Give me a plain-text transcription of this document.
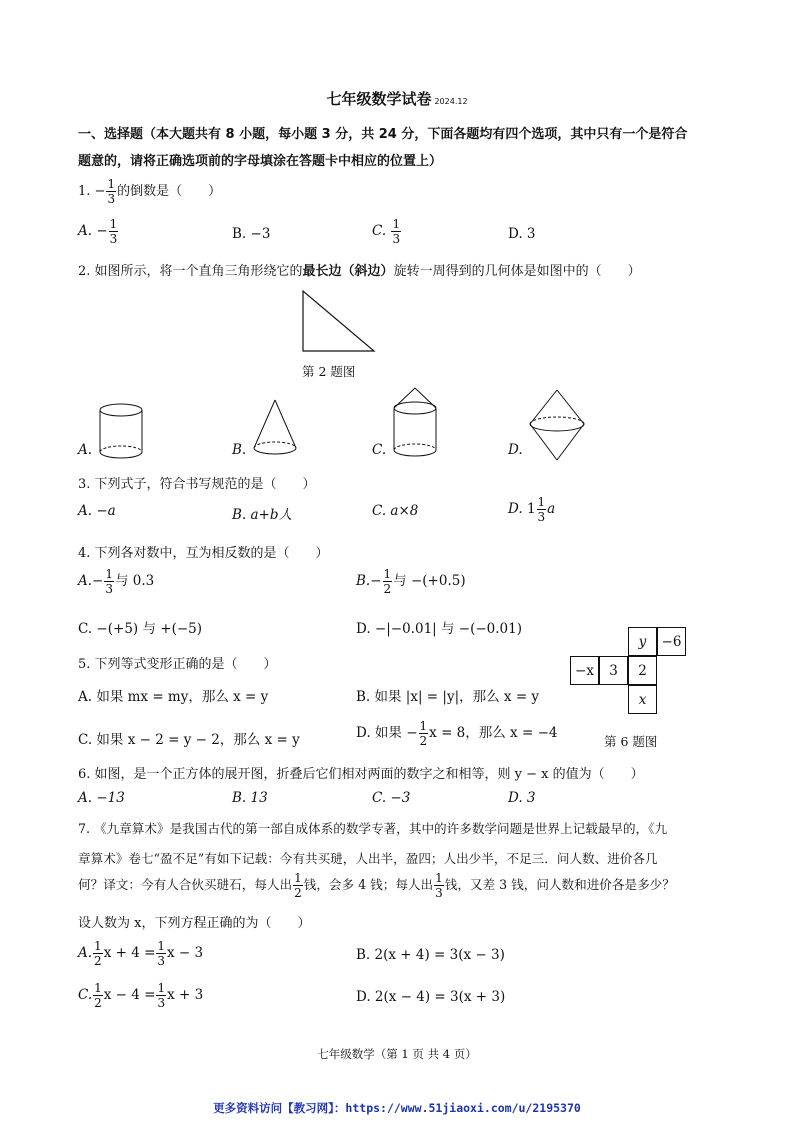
七年级数学试卷 2024.12
一、选择题（本大题共有 8 小题，每小题 3 分，共 24 分，下面各题均有四个选项，其中只有一个是符合
题意的，请将正确选项前的字母填涂在答题卡中相应的位置上）
1. − $\frac{1}{3}$ 的倒数是（　　）
A. − $\frac{1}{3}$	B. −3	C. $\frac{1}{3}$	D. 3
2. 如图所示，将一个直角三角形绕它的最长边（斜边）旋转一周得到的几何体是如图中的（　　）
第 2 题图
A.	B.	C.	D.
3. 下列式子，符合书写规范的是（　　）
A. −a	B. a+b人	C. a×8	D. $1 \frac{1}{3}$ a
4. 下列各对数中，互为相反数的是（　　）
$A.- \frac{1}{3}$ 与 0.3	$B.- \frac{1}{2}$ 与 −(+0.5)
C. −(+5) 与 +(−5)	D. −|−0.01| 与 −(−0.01)
y	−6
−x	3	2
x
第 6 题图
5. 下列等式变形正确的是（　　）
A. 如果 mx = my，那么 x = y	B. 如果 |x| = |y|，那么 x = y
C. 如果 x − 2 = y − 2，那么 x = y	D. 如果 − $\frac{1}{2}$ x = 8，那么 x = −4
6. 如图，是一个正方体的展开图，折叠后它们相对两面的数字之和相等，则 y − x 的值为（　　）
A. −13	B. 13	C. −3	D. 3
7. 《九章算术》是我国古代的第一部自成体系的数学专著，其中的许多数学问题是世界上记载最早的，《九
章算术》卷七“盈不足”有如下记载：今有共买琎，人出半，盈四；人出少半，不足三．问人数、进价各几
何？译文：今有人合伙买琎石，每人出 $\frac{1}{2}$ 钱，会多 4 钱；每人出 $\frac{1}{3}$ 钱，又差 3 钱，问人数和进价各是多少？
设人数为 x，下列方程正确的为（　　）
A. $\frac{1}{2}$ $x + 4 = \frac{1}{3}$ x − 3	B. 2(x + 4) = 3(x − 3)
C. $\frac{1}{2}$ $x - 4 = \frac{1}{3}$ x + 3	D. 2(x − 4) = 3(x + 3)
七年级数学（第 1 页 共 4 页）
更多资料访问【教习网】：https://www.51jiaoxi.com/u/2195370
